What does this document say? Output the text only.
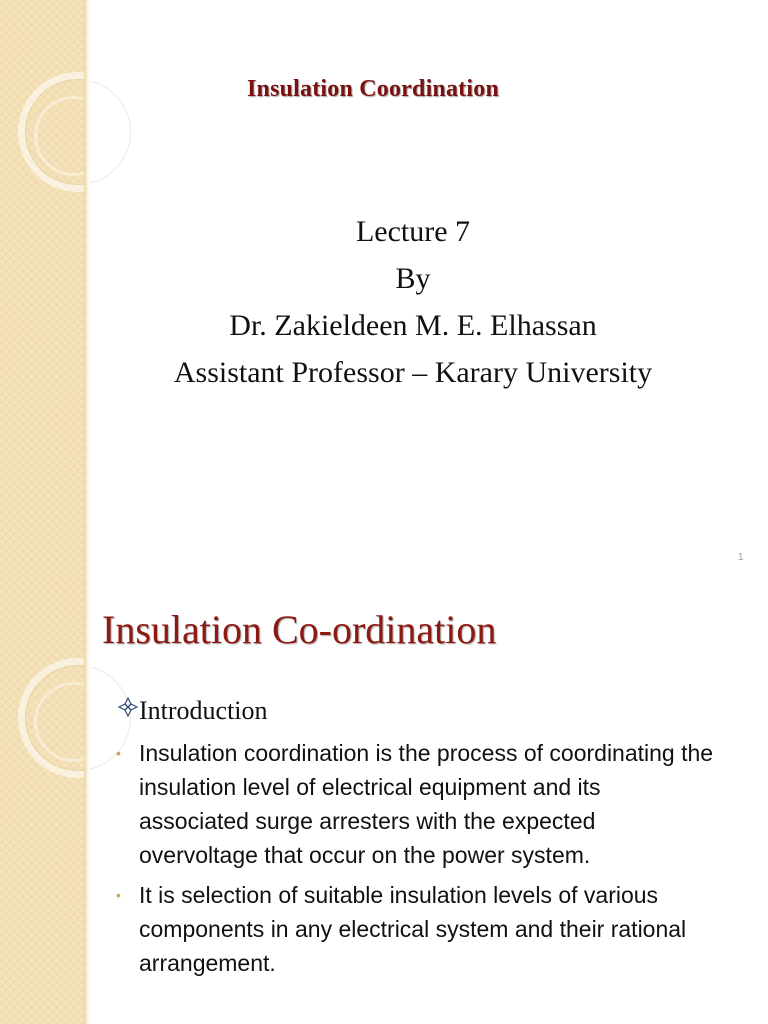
Insulation Coordination
Lecture 7
By
Dr. Zakieldeen M. E. Elhassan
Assistant Professor – Karary University
1
Insulation Co-ordination
Introduction
• Insulation coordination is the process of coordinating the insulation level of electrical equipment and its associated surge arresters with the expected overvoltage that occur on the power system.
• It is selection of suitable insulation levels of various components in any electrical system and their rational arrangement.
